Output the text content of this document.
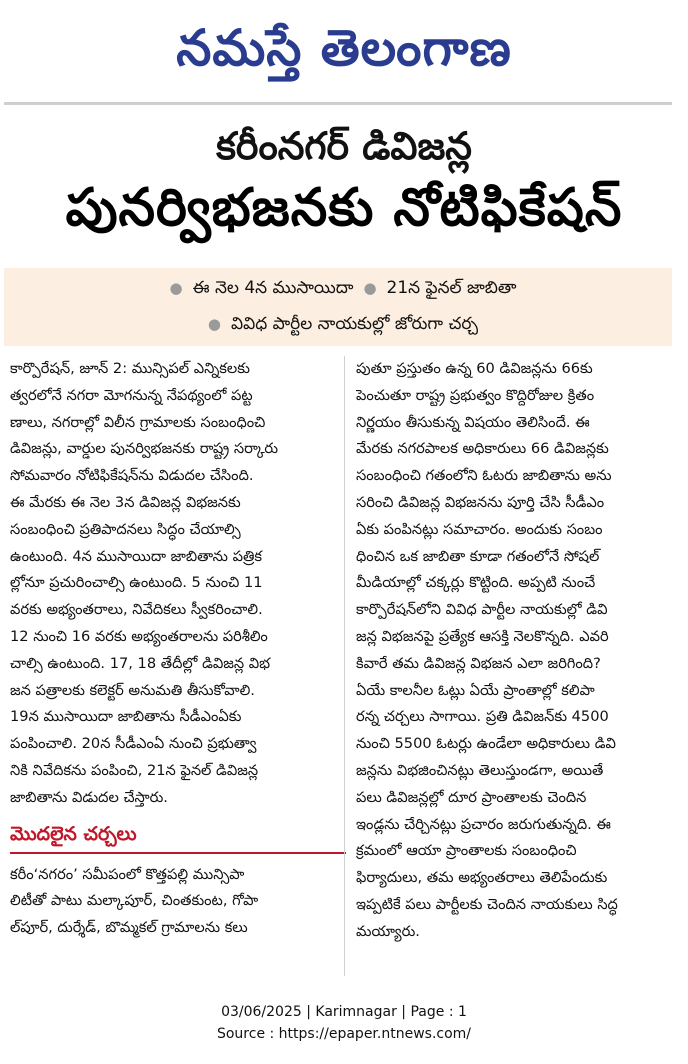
నమస్తే తెలంగాణ
కరీంనగర్ డివిజన్ల
పునర్విభజనకు నోటిఫికేషన్
● ఈ నెల 4న ముసాయిదా ● 21న ఫైనల్ జాబితా
● వివిధ పార్టీల నాయకుల్లో జోరుగా చర్చ
కార్పొరేషన్, జూన్ 2: మున్సిపల్ ఎన్నికలకు
త్వరలోనే నగరా మోగనున్న నేపథ్యంలో పట్ట
ణాలు, నగరాల్లో విలీన గ్రామాలకు సంబంధించి
డివిజన్లు, వార్డుల పునర్విభజనకు రాష్ట్ర సర్కారు
సోమవారం నోటిఫికేషన్‌ను విడుదల చేసింది.
ఈ మేరకు ఈ నెల 3న డివిజన్ల విభజనకు
సంబంధించి ప్రతిపాదనలు సిద్ధం చేయాల్సి
ఉంటుంది. 4న ముసాయిదా జాబితాను పత్రిక
ల్లోనూ ప్రచురించాల్సి ఉంటుంది. 5 నుంచి 11
వరకు అభ్యంతరాలు, నివేదికలు స్వీకరించాలి.
12 నుంచి 16 వరకు అభ్యంతరాలను పరిశీలిం
చాల్సి ఉంటుంది. 17, 18 తేదీల్లో డివిజన్ల విభ
జన పత్రాలకు కలెక్టర్ అనుమతి తీసుకోవాలి.
19న ముసాయిదా జాబితాను సీడీఎంఏకు
పంపించాలి. 20న సీడీఎంఏ నుంచి ప్రభుత్వా
నికి నివేదికను పంపించి, 21న ఫైనల్ డివిజన్ల
జాబితాను విడుదల చేస్తారు.
మొదలైన చర్చలు
కరీం‘నగరం’ సమీపంలో కొత్తపల్లి మున్సిపా
లిటీతో పాటు మల్కాపూర్, చింతకుంట, గోపా
ల్‌పూర్, దుర్శేడ్, బొమ్మకల్ గ్రామాలను కలు
పుతూ ప్రస్తుతం ఉన్న 60 డివిజన్లను 66కు
పెంచుతూ రాష్ట్ర ప్రభుత్వం కొద్దిరోజుల క్రితం
నిర్ణయం తీసుకున్న విషయం తెలిసిందే. ఈ
మేరకు నగరపాలక అధికారులు 66 డివిజన్లకు
సంబంధించి గతంలోని ఓటరు జాబితాను అను
సరించి డివిజన్ల విభజనను పూర్తి చేసి సీడీఎం
ఏకు పంపినట్లు సమాచారం. అందుకు సంబం
ధించిన ఒక జాబితా కూడా గతంలోనే సోషల్
మీడియాల్లో చక్కర్లు కొట్టింది. అప్పటి నుంచే
కార్పొరేషన్‌లోని వివిధ పార్టీల నాయకుల్లో డివి
జన్ల విభజనపై ప్రత్యేక ఆసక్తి నెలకొన్నది. ఎవరి
కివారే తమ డివిజన్ల విభజన ఎలా జరిగింది?
ఏయే కాలనీల ఓట్లు ఏయే ప్రాంతాల్లో కలిపా
రన్న చర్చలు సాగాయి. ప్రతి డివిజన్‌కు 4500
నుంచి 5500 ఓటర్లు ఉండేలా అధికారులు డివి
జన్లను విభజించినట్లు తెలుస్తుండగా, అయితే
పలు డివిజన్లల్లో దూర ప్రాంతాలకు చెందిన
ఇండ్లను చేర్చినట్లు ప్రచారం జరుగుతున్నది. ఈ
క్రమంలో ఆయా ప్రాంతాలకు సంబంధించి
ఫిర్యాదులు, తమ అభ్యంతరాలు తెలిపేందుకు
ఇప్పటికే పలు పార్టీలకు చెందిన నాయకులు సిద్ధ
మయ్యారు.
03/06/2025 | Karimnagar | Page : 1
Source : https://epaper.ntnews.com/
